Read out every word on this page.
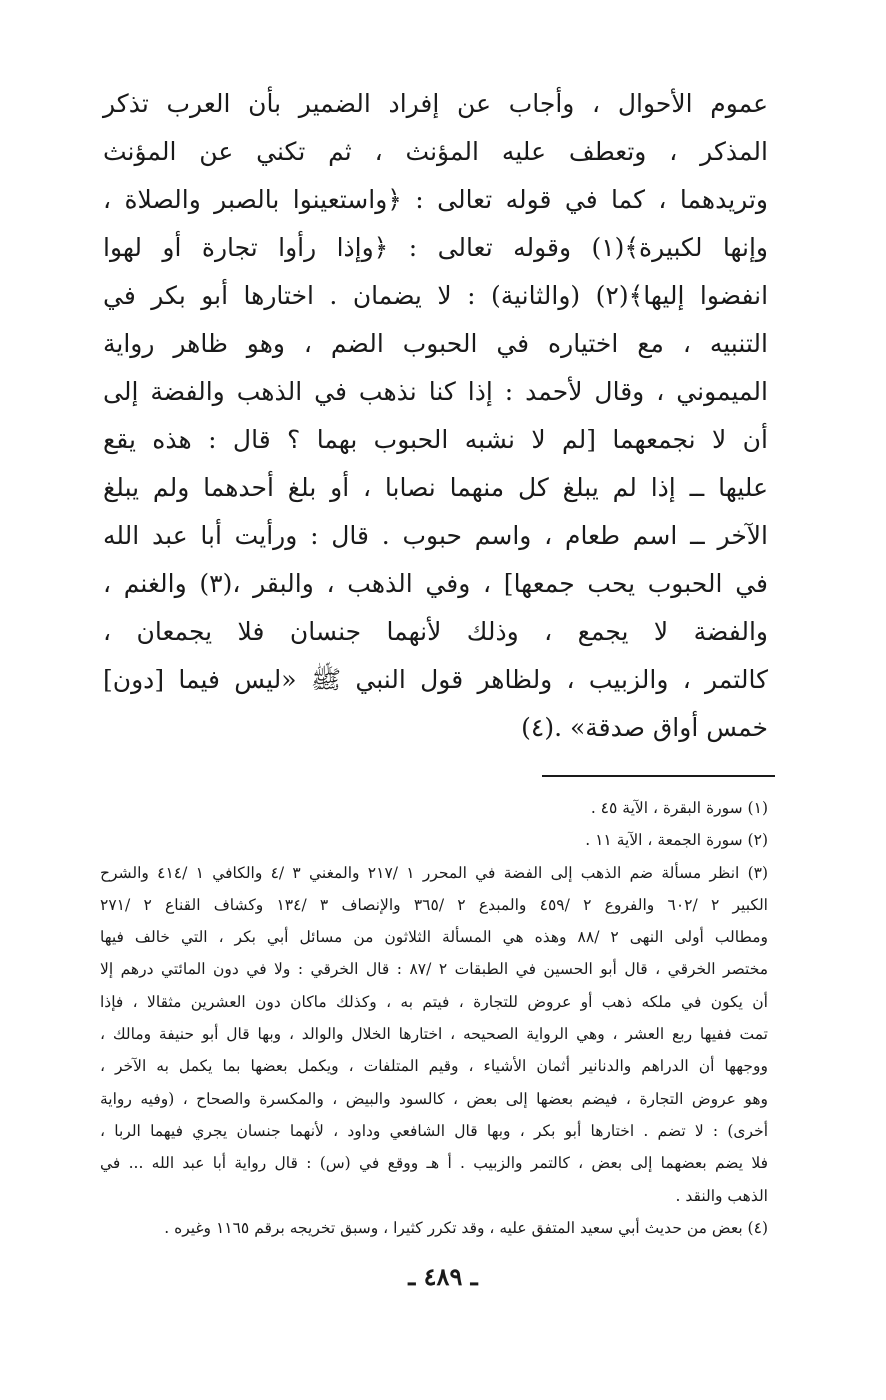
عموم الأحوال ، وأجاب عن إفراد الضمير بأن العرب تذكر
المذكر ، وتعطف عليه المؤنث ، ثم تكني عن المؤنث
وتريدهما ، كما في قوله تعالى : ﴿واستعينوا بالصبر والصلاة ،
وإنها لكبيرة﴾(١) وقوله تعالى : ﴿وإذا رأوا تجارة أو لهوا
انفضوا إليها﴾(٢) (والثانية) : لا يضمان . اختارها أبو بكر في
التنبيه ، مع اختياره في الحبوب الضم ، وهو ظاهر رواية
الميموني ، وقال لأحمد : إذا كنا نذهب في الذهب والفضة إلى
أن لا نجمعهما [لم لا نشبه الحبوب بهما ؟ قال : هذه يقع
عليها ــ إذا لم يبلغ كل منهما نصابا ، أو بلغ أحدهما ولم يبلغ
الآخر ــ اسم طعام ، واسم حبوب . قال : ورأيت أبا عبد الله
في الحبوب يحب جمعها] ، وفي الذهب ، والبقر ،(٣) والغنم ،
والفضة لا يجمع ، وذلك لأنهما جنسان فلا يجمعان ،
كالتمر ، والزبيب ، ولظاهر قول النبي ﷺ «ليس فيما [دون]
خمس أواق صدقة» .(٤)
(١) سورة البقرة ، الآية ٤٥ .
(٢) سورة الجمعة ، الآية ١١ .
(٣) انظر مسألة ضم الذهب إلى الفضة في المحرر ١ /٢١٧ والمغني ٣ /٤ والكافي ١ /٤١٤ والشرح
الكبير ٢ /٦٠٢ والفروع ٢ /٤٥٩ والمبدع ٢ /٣٦٥ والإنصاف ٣ /١٣٤ وكشاف القناع ٢ /٢٧١
ومطالب أولى النهى ٢ /٨٨ وهذه هي المسألة الثلاثون من مسائل أبي بكر ، التي خالف فيها
مختصر الخرقي ، قال أبو الحسين في الطبقات ٢ /٨٧ : قال الخرقي : ولا في دون المائتي درهم إلا
أن يكون في ملكه ذهب أو عروض للتجارة ، فيتم به ، وكذلك ماكان دون العشرين مثقالا ، فإذا
تمت ففيها ربع العشر ، وهي الرواية الصحيحه ، اختارها الخلال والوالد ، وبها قال أبو حنيفة ومالك ،
ووجهها أن الدراهم والدنانير أثمان الأشياء ، وقيم المتلفات ، ويكمل بعضها بما يكمل به الآخر ،
وهو عروض التجارة ، فيضم بعضها إلى بعض ، كالسود والبيض ، والمكسرة والصحاح ، (وفيه رواية
أخرى) : لا تضم . اختارها أبو بكر ، وبها قال الشافعي وداود ، لأنهما جنسان يجري فيهما الربا ،
فلا يضم بعضهما إلى بعض ، كالتمر والزبيب . أ هـ ووقع في (س) : قال رواية أبا عبد الله ... في
الذهب والنقد .
(٤) بعض من حديث أبي سعيد المتفق عليه ، وقد تكرر كثيرا ، وسبق تخريجه برقم ١١٦٥ وغيره .
ـ ٤٨٩ ـ
